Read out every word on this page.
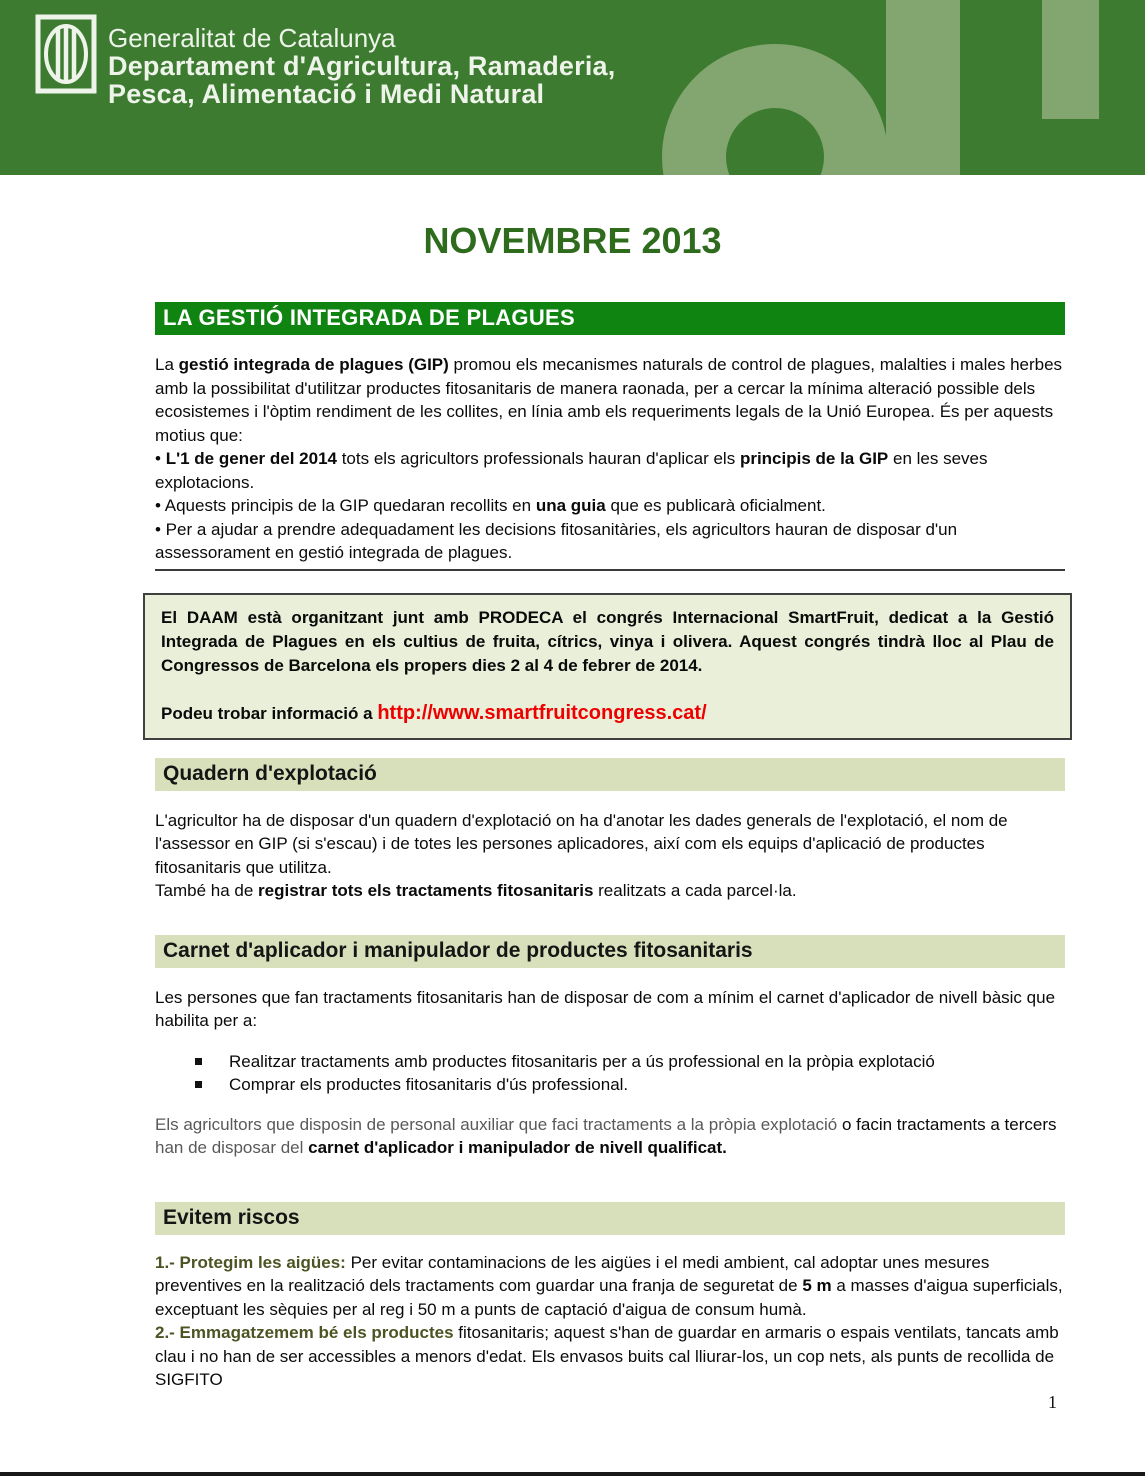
Generalitat de Catalunya
Departament d'Agricultura, Ramaderia,
Pesca, Alimentació i Medi Natural
NOVEMBRE 2013
LA GESTIÓ INTEGRADA DE PLAGUES

La gestió integrada de plagues (GIP) promou els mecanismes naturals de control de plagues, malalties i males herbes amb la possibilitat d'utilitzar productes fitosanitaris de manera raonada, per a cercar la mínima alteració possible dels ecosistemes i l'òptim rendiment de les collites, en línia amb els requeriments legals de la Unió Europea. És per aquests motius que:

• L'1 de gener del 2014 tots els agricultors professionals hauran d'aplicar els principis de la GIP en les seves explotacions.

• Aquests principis de la GIP quedaran recollits en una guia que es publicarà oficialment.

• Per a ajudar a prendre adequadament les decisions fitosanitàries, els agricultors hauran de disposar d'un assessorament en gestió integrada de plagues.

El DAAM està organitzant junt amb PRODECA el congrés Internacional SmartFruit, dedicat a la Gestió Integrada de Plagues en els cultius de fruita, cítrics, vinya i olivera. Aquest congrés tindrà lloc al Plau de Congressos de Barcelona els propers dies 2 al 4 de febrer de 2014.
Podeu trobar informació a http://www.smartfruitcongress.cat/
Quadern d'explotació

L'agricultor ha de disposar d'un quadern d'explotació on ha d'anotar les dades generals de l'explotació, el nom de l'assessor en GIP (si s'escau) i de totes les persones aplicadores, així com els equips d'aplicació de productes fitosanitaris que utilitza.

També ha de registrar tots els tractaments fitosanitaris realitzats a cada parcel·la.

Carnet d'aplicador i manipulador de productes fitosanitaris

Les persones que fan tractaments fitosanitaris han de disposar de com a mínim el carnet d'aplicador de nivell bàsic que habilita per a:

Realitzar tractaments amb productes fitosanitaris per a ús professional en la pròpia explotació
Comprar els productes fitosanitaris d'ús professional.

Els agricultors que disposin de personal auxiliar que faci tractaments a la pròpia explotació o facin tractaments a tercers han de disposar del carnet d'aplicador i manipulador de nivell qualificat.

Evitem riscos

1.- Protegim les aigües: Per evitar contaminacions de les aigües i el medi ambient, cal adoptar unes mesures preventives en la realització dels tractaments com guardar una franja de seguretat de 5 m a masses d'aigua superficials, exceptuant les sèquies per al reg i 50 m a punts de captació d'aigua de consum humà.

2.- Emmagatzemem bé els productes fitosanitaris; aquest s'han de guardar en armaris o espais ventilats, tancats amb clau i no han de ser accessibles a menors d'edat. Els envasos buits cal lliurar-los, un cop nets, als punts de recollida de SIGFITO

1
